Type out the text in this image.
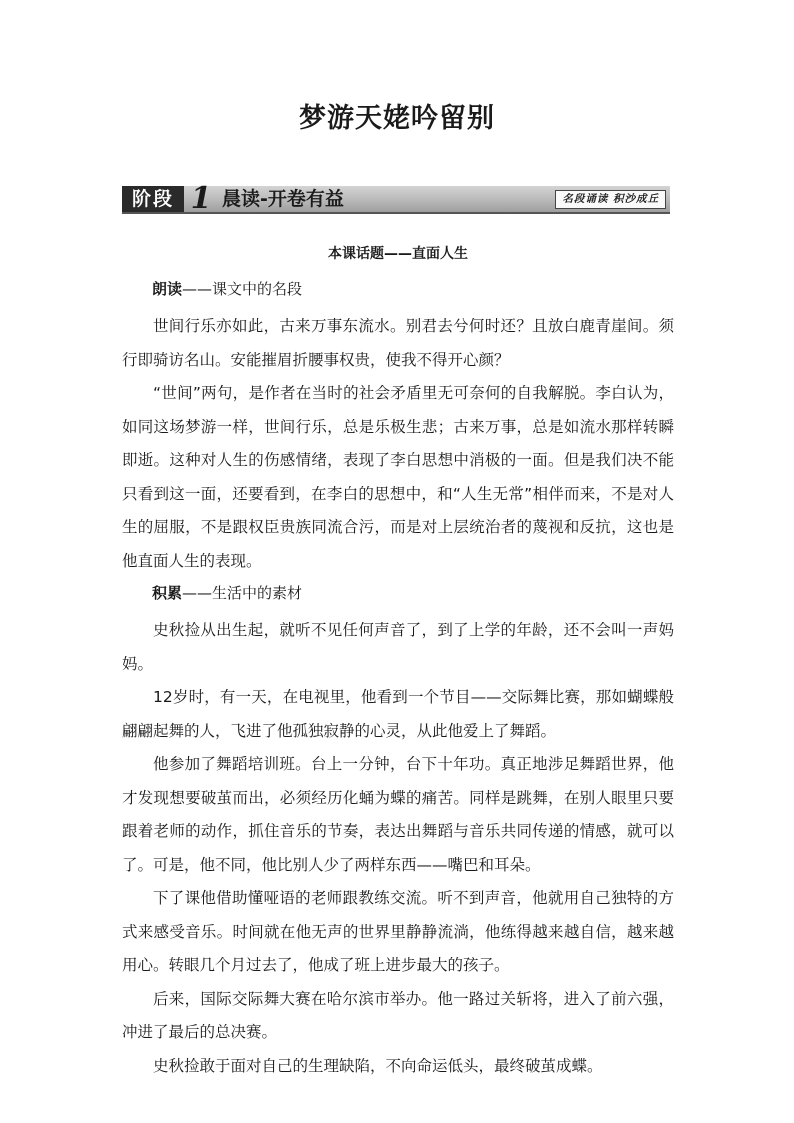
梦游天姥吟留别
阶段 1 晨读-开卷有益	名段诵读 积沙成丘
本课话题——直面人生
朗读——课文中的名段

世间行乐亦如此，古来万事东流水。别君去兮何时还？且放白鹿青崖间。须行即骑访名山。安能摧眉折腰事权贵，使我不得开心颜？

“世间”两句，是作者在当时的社会矛盾里无可奈何的自我解脱。李白认为，如同这场梦游一样，世间行乐，总是乐极生悲；古来万事，总是如流水那样转瞬即逝。这种对人生的伤感情绪，表现了李白思想中消极的一面。但是我们决不能只看到这一面，还要看到，在李白的思想中，和“人生无常”相伴而来，不是对人生的屈服，不是跟权臣贵族同流合污，而是对上层统治者的蔑视和反抗，这也是他直面人生的表现。

积累——生活中的素材

史秋捡从出生起，就听不见任何声音了，到了上学的年龄，还不会叫一声妈妈。

12岁时，有一天，在电视里，他看到一个节目——交际舞比赛，那如蝴蝶般翩翩起舞的人，飞进了他孤独寂静的心灵，从此他爱上了舞蹈。

他参加了舞蹈培训班。台上一分钟，台下十年功。真正地涉足舞蹈世界，他才发现想要破茧而出，必须经历化蛹为蝶的痛苦。同样是跳舞，在别人眼里只要跟着老师的动作，抓住音乐的节奏，表达出舞蹈与音乐共同传递的情感，就可以了。可是，他不同，他比别人少了两样东西——嘴巴和耳朵。

下了课他借助懂哑语的老师跟教练交流。听不到声音，他就用自己独特的方式来感受音乐。时间就在他无声的世界里静静流淌，他练得越来越自信，越来越用心。转眼几个月过去了，他成了班上进步最大的孩子。

后来，国际交际舞大赛在哈尔滨市举办。他一路过关斩将，进入了前六强，冲进了最后的总决赛。

史秋捡敢于面对自己的生理缺陷，不向命运低头，最终破茧成蝶。
